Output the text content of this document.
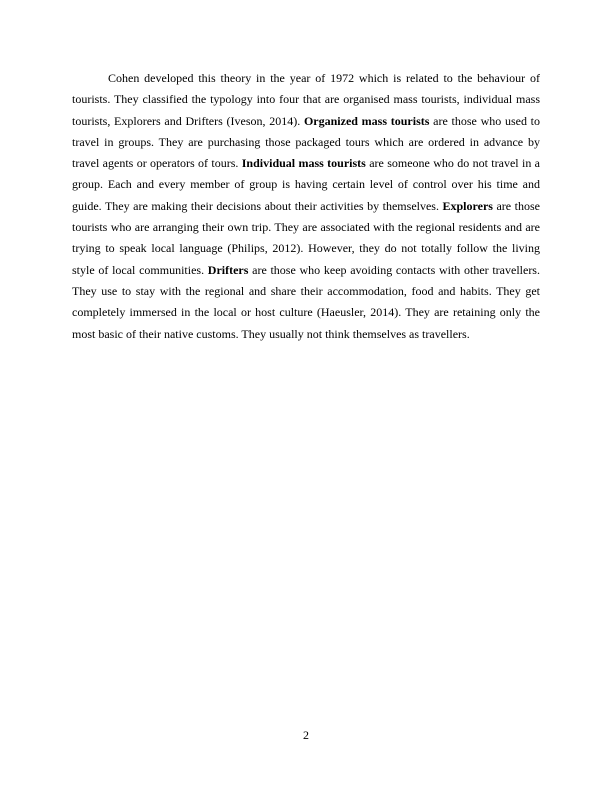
Cohen developed this theory in the year of 1972 which is related to the behaviour of tourists. They classified the typology into four that are organised mass tourists, individual mass tourists, Explorers and Drifters (Iveson, 2014). Organized mass tourists are those who used to travel in groups. They are purchasing those packaged tours which are ordered in advance by travel agents or operators of tours. Individual mass tourists are someone who do not travel in a group. Each and every member of group is having certain level of control over his time and guide. They are making their decisions about their activities by themselves. Explorers are those tourists who are arranging their own trip. They are associated with the regional residents and are trying to speak local language (Philips, 2012). However, they do not totally follow the living style of local communities. Drifters are those who keep avoiding contacts with other travellers. They use to stay with the regional and share their accommodation, food and habits. They get completely immersed in the local or host culture (Haeusler, 2014). They are retaining only the most basic of their native customs. They usually not think themselves as travellers.

2
